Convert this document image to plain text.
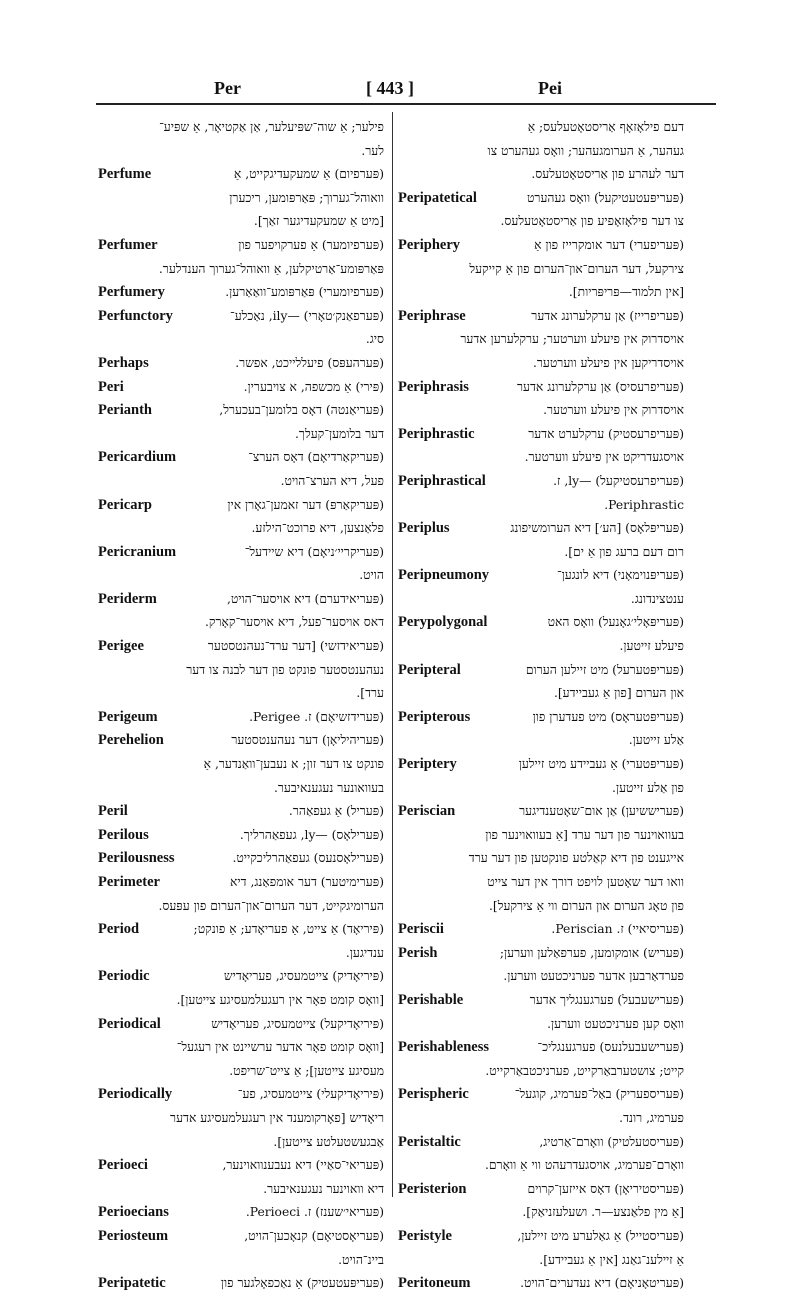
Per	[ 443 ]	Pei
פילער; אַ שוה־שפּיעלער, אַן אַקטיאָר, אַ שפּיע־
לער.
Perfume	(פּערפיום) אַ שמעקעדיגקייט, אַ
וואוהל־גערוך; פּאַרפּומען, ריכערן
[מיט אַ שמעקעדיגער זאַך].
Perfumer	(פּערפיומער) אַ פערקויפער פון
פּאַרפּומע־אַרטיקלען, אַ וואוהל־גערוך הענדלער.
Perfumery	(פּערפיומערי) פּאַרפּומע־וואַאַרען.
Perfunctory	(פּערפאַנק׳טאָרי) —ily, נאַכלע־
סיג.
Perhaps	(פּערהעפּס) פיעללייכט, אפשר.
Peri	(פּירי) אַ מכשפה, א צויבערין.
Perianth	(פּעריאַנטה) דאָס בלומען־בעכערל,
דער בלומען־קעלך.
Pericardium	(פּעריקאַרדיאָם) דאָס הערצ־
פעל, דיא הערצ־הויט.
Pericarp	(פּעריקאַרפּ) דער זאמען־גאָרן אין
פלאַנצען, דיא פרוכט־הילזע.
Pericranium	(פּעריקריי׳ניאָם) דיא שיידעל־
הויט.
Periderm	(פּעריאידערם) דיא אויסער־הויט,
דאס אויסער־פעל, דיא אויסער־קאָרק.
Perigee	(פּעריאידזשי) [דער ערד־נעהנטסטער
נעהענטסטער פונקט פון דער לבנה צו דער
ערד].
Perigeum	(פּערידזשיאָם) ז. Perigee.
Perehelion	(פּעריהיליאָן) דער נעהענטסטער
פונקט צו דער זון; א נעבען־וואַנדער, אַ
בעוואונער נעגענאיבער.
Peril	(פּעריל) אַ געפאַהר.
Perilous	(פּערילאָס) —ly, געפאַהרליך.
Perilousness	(פּערילאָסנעס) געפאַהרליכקייט.
Perimeter	(פּערימיטער) דער אומפאַנג, דיא
הערומיגקייט, דער הערום־און־הערום פון עפּעס.
Period	(פּיריאָד) אַ צייט, אַ פעריאָדע; אַ פונקט;
ענדיגען.
Periodic	(פּיריאָדיק) צייטמעסיג, פעריאָדיש
[וואָס קומט פאָר אין רעגעלמעסיגע צייטען].
Periodical	(פּיריאָדיקעל) צייטמעסיג, פעריאָדיש
[וואָס קומט פאָר אדער ערשיינט אין רעגעל־
מעסיגע צייטען]; אַ צייט־שריפט.
Periodically	(פּיריאָדיקעלי) צייטמעסיג, פע־
ריאָדיש [פאָרקומענד אין רעגעלמעסיגע אדער
אַבגעשטעלטע צייטען].
Perioeci	(פּעריאי־סאַיי) דיא נעבענוואוינער,
דיא וואוינער נעגענאיבער.
Perioecians	(פּעריאי׳שענז) ז. Perioeci.
Periosteum	(פּעריאָסטיאָם) קנאָכען־הויט,
ביינ־הויט.
Peripatetic	(פּעריפּעטעטיק) אַ נאַכפאָלגער פון
דעם פילאָזאָף אַריסטאָטעלעס; אַ
געהער, אַ הערומגעהער; וואָס געהערט צו
דער לעהרע פון אַריסטאָטעלעס.
Peripatetical	(פּעריפּעטעטיקעל) וואָס געהערט
צו דער פילאָזאָפיע פון אַריסטאָטעלעס.
Periphery	(פּעריפערי) דער אומקרייז פון אַ
צירקעל, דער הערום־און־הערום פון אַ קייקעל
[אין תלמוד—פּריפּריות].
Periphrase	(פּעריפרייז) אַן ערקלערונג אדער
אויסדרוק אין פיעלע ווערטער; ערקלערען אדער
אויסדריקען אין פיעלע ווערטער.
Periphrasis	(פּעריפרעסיס) אַן ערקלערונג אדער
אויסדרוק אין פיעלע ווערטער.
Periphrastic	(פּעריפרעסטיק) ערקלערט אדער
אויסגעדריקט אין פיעלע ווערטער.
Periphrastical	(פּעריפרעסטיקעל) —ly, ז.
Periphrastic.
Periplus	(פּעריפּלאָס) [הע׳] דיא הערומשיפונג
רום דעם ברעג פון אַ ים].
Peripneumony	(פּעריפּנוימאָני) דיא לונגען־
ענטצינדונג.
Perypolygonal	(פּעריפּאָלי׳גאָנעל) וואָס האט
פיעלע זייטען.
Peripteral	(פּעריפּטערעל) מיט זיילען הערום
און הערום [פון אַ געביידע].
Peripterous	(פּעריפּטעראָס) מיט פעדערן פון
אַלע זייטען.
Periptery	(פּעריפּטערי) אַ געביידע מיט זיילען
פון אַלע זייטען.
Periscian	(פּעריששיען) אַן אום־שאָטענדיגער
בעוואוינער פון דער ערד [אַ בעוואוינער פון
אייגענט פון דיא קאַלטע פונקטען פון דער ערד
וואו דער שאָטען לויפט דורך אין דער צייט
פון טאָג הערום און הערום ווי אַ צירקעל].
Periscii	(פּעריסיאיי) ז. Periscian.
Perish	(פּעריש) אומקומען, פערפאַלען ווערען;
פערדאַרבען אדער פערניכטעט ווערען.
Perishable	(פּערישעבעל) פערגענגליך אדער
וואָס קען פערניכטעט ווערען.
Perishableness	(פּערישעבעלנעס) פערגענגליכ־
קייט; צושטערבאַרקייט, פערניכטבאַרקייט.
Perispheric	(פּעריספעריק) באַל־פערמיג, קוגעל־
פערמיג, רונד.
Peristaltic	(פּעריסטעלטיק) וואָרם־אַרטיג,
וואָרם־פערמיג, אויסגעדרעהט ווי אַ וואָרם.
Peristerion	(פּעריסטיריאָן) דאָס אייזען־קרוים
[אַ מין פלאַנצע—ר. ושעלעזניאַק].
Peristyle	(פּעריסטייל) אַ גאַלערע מיט זיילען,
אַ זיילענ־גאַנג [אין אַ געביידע].
Peritoneum	(פּעריטאָניאָם) דיא נעדערים־הויט.
